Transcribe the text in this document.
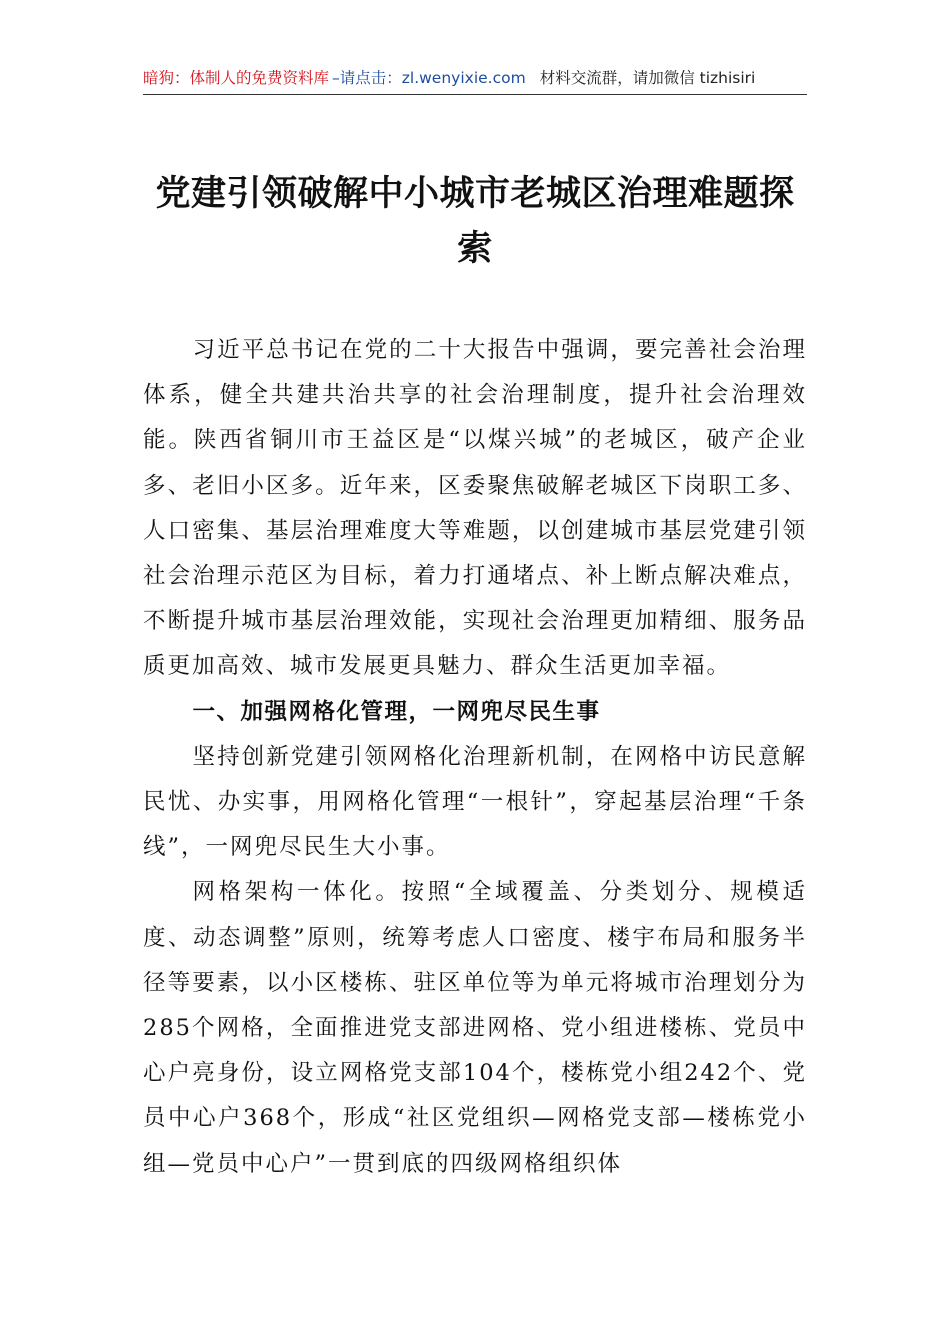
暗狗：体制人的免费资料库 –请点击：zl.wenyixie.com 材料交流群，请加微信 tizhisiri
党建引领破解中小城市老城区治理难题探索

习近平总书记在党的二十大报告中强调，要完善社会治理体系，健全共建共治共享的社会治理制度，提升社会治理效能。陕西省铜川市王益区是“以煤兴城”的老城区，破产企业多、老旧小区多。近年来，区委聚焦破解老城区下岗职工多、人口密集、基层治理难度大等难题，以创建城市基层党建引领社会治理示范区为目标，着力打通堵点、补上断点解决难点，不断提升城市基层治理效能，实现社会治理更加精细、服务品质更加高效、城市发展更具魅力、群众生活更加幸福。

一、加强网格化管理，一网兜尽民生事

坚持创新党建引领网格化治理新机制，在网格中访民意解民忧、办实事，用网格化管理“一根针”，穿起基层治理“千条线”，一网兜尽民生大小事。

网格架构一体化。按照“全域覆盖、分类划分、规模适度、动态调整”原则，统筹考虑人口密度、楼宇布局和服务半径等要素，以小区楼栋、驻区单位等为单元将城市治理划分为285个网格，全面推进党支部进网格、党小组进楼栋、党员中心户亮身份，设立网格党支部104个，楼栋党小组242个、党员中心户368个，形成“社区党组织—网格党支部—楼栋党小组—党员中心户”一贯到底的四级网格组织体
